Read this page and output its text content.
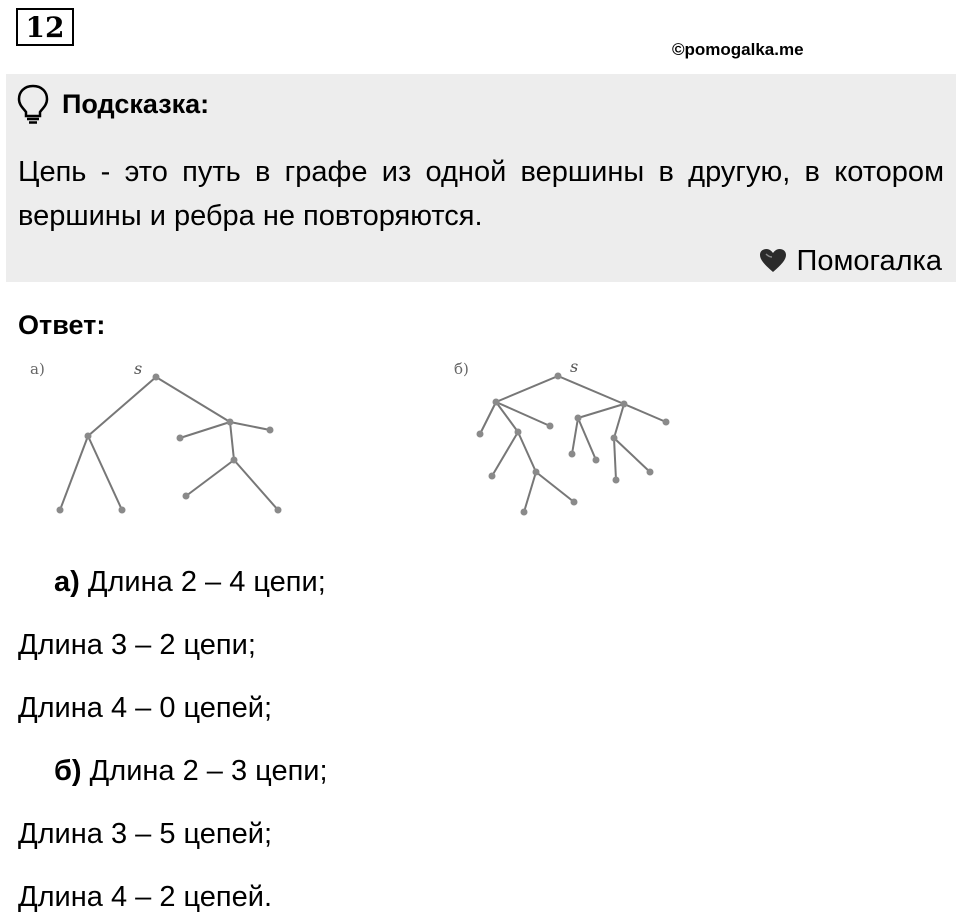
12
©pomogalka.me
Подсказка:
Цепь - это путь в графе из одной вершины в другую, в котором вершины и ребра не повторяются.
Помогалка
Ответ:
а)	s	б)	s
а) Длина 2 – 4 цепи;
Длина 3 – 2 цепи;
Длина 4 – 0 цепей;
б) Длина 2 – 3 цепи;
Длина 3 – 5 цепей;
Длина 4 – 2 цепей.
